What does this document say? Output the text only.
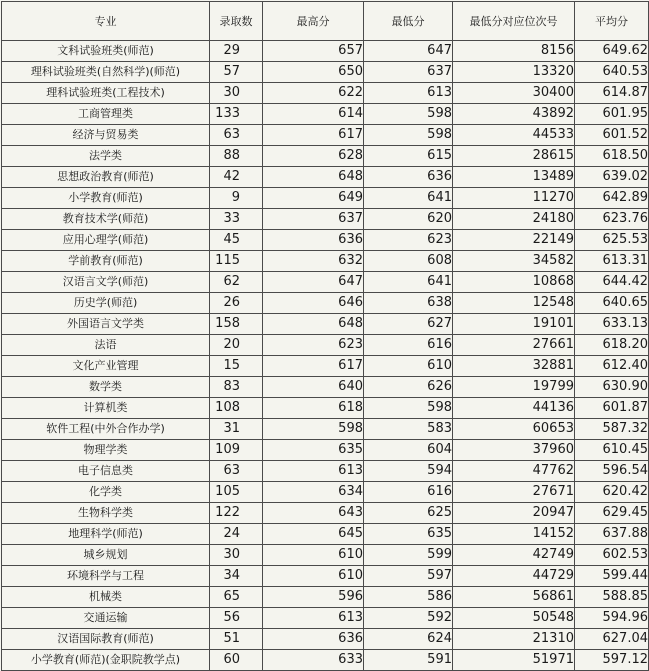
专业	录取数	最高分	最低分	最低分对应位次号	平均分
文科试验班类(师范)	29	657	647	8156	649.62
理科试验班类(自然科学)(师范)	57	650	637	13320	640.53
理科试验班类(工程技术)	30	622	613	30400	614.87
工商管理类	133	614	598	43892	601.95
经济与贸易类	63	617	598	44533	601.52
法学类	88	628	615	28615	618.50
思想政治教育(师范)	42	648	636	13489	639.02
小学教育(师范)	9	649	641	11270	642.89
教育技术学(师范)	33	637	620	24180	623.76
应用心理学(师范)	45	636	623	22149	625.53
学前教育(师范)	115	632	608	34582	613.31
汉语言文学(师范)	62	647	641	10868	644.42
历史学(师范)	26	646	638	12548	640.65
外国语言文学类	158	648	627	19101	633.13
法语	20	623	616	27661	618.20
文化产业管理	15	617	610	32881	612.40
数学类	83	640	626	19799	630.90
计算机类	108	618	598	44136	601.87
软件工程(中外合作办学)	31	598	583	60653	587.32
物理学类	109	635	604	37960	610.45
电子信息类	63	613	594	47762	596.54
化学类	105	634	616	27671	620.42
生物科学类	122	643	625	20947	629.45
地理科学(师范)	24	645	635	14152	637.88
城乡规划	30	610	599	42749	602.53
环境科学与工程	34	610	597	44729	599.44
机械类	65	596	586	56861	588.85
交通运输	56	613	592	50548	594.96
汉语国际教育(师范)	51	636	624	21310	627.04
小学教育(师范)(金职院教学点)	60	633	591	51971	597.12
